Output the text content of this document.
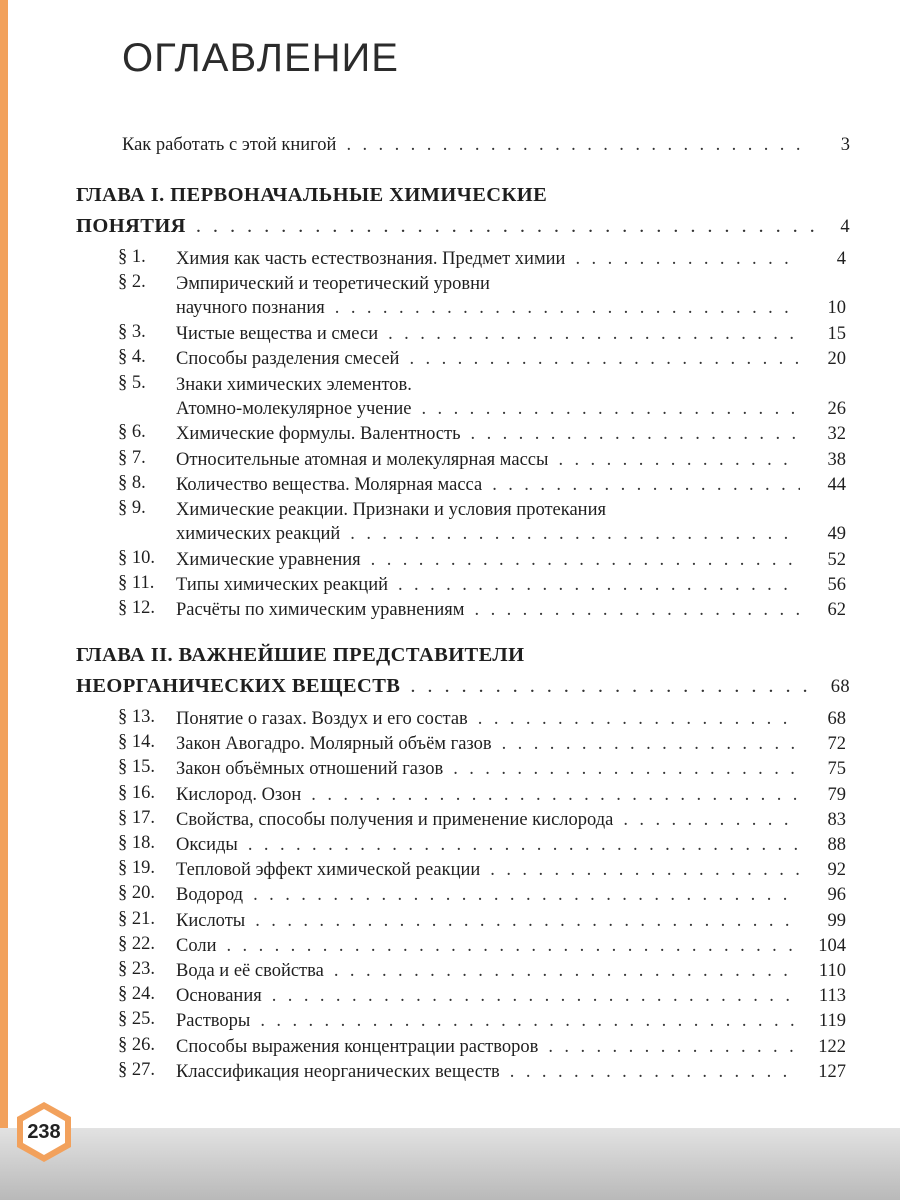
ОГЛАВЛЕНИЕ
Как работать с этой книгой . . .	3
ГЛАВА I. ПЕРВОНАЧАЛЬНЫЕ ХИМИЧЕСКИЕ
ПОНЯТИЯ . . .	4
§ 1.	Химия как часть естествознания. Предмет химии . . .	4
§ 2.	Эмпирический и теоретический уровни
научного познания . . .	10
§ 3.	Чистые вещества и смеси . . .	15
§ 4.	Способы разделения смесей . . .	20
§ 5.	Знаки химических элементов.
Атомно-молекулярное учение . . .	26
§ 6.	Химические формулы. Валентность . . .	32
§ 7.	Относительные атомная и молекулярная массы . . .	38
§ 8.	Количество вещества. Молярная масса . . .	44
§ 9.	Химические реакции. Признаки и условия протекания
химических реакций . . .	49
§ 10.	Химические уравнения . . .	52
§ 11.	Типы химических реакций . . .	56
§ 12.	Расчёты по химическим уравнениям . . .	62
ГЛАВА II. ВАЖНЕЙШИЕ ПРЕДСТАВИТЕЛИ
НЕОРГАНИЧЕСКИХ ВЕЩЕСТВ . . .	68
§ 13.	Понятие о газах. Воздух и его состав . . .	68
§ 14.	Закон Авогадро. Молярный объём газов . . .	72
§ 15.	Закон объёмных отношений газов . . .	75
§ 16.	Кислород. Озон . . .	79
§ 17.	Свойства, способы получения и применение кислорода . . .	83
§ 18.	Оксиды . . .	88
§ 19.	Тепловой эффект химической реакции . . .	92
§ 20.	Водород . . .	96
§ 21.	Кислоты . . .	99
§ 22.	Соли . . .	104
§ 23.	Вода и её свойства . . .	110
§ 24.	Основания . . .	113
§ 25.	Растворы . . .	119
§ 26.	Способы выражения концентрации растворов . . .	122
§ 27.	Классификация неорганических веществ . . .	127
238
